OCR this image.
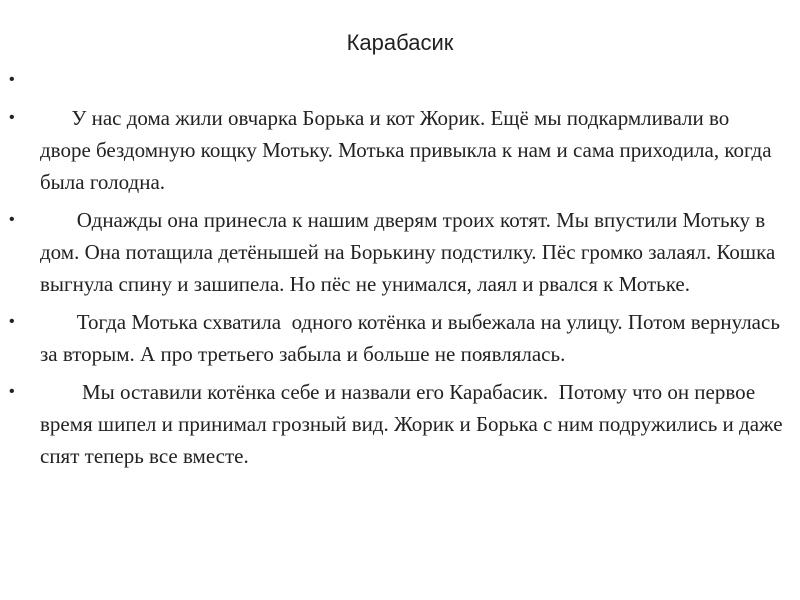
Карабасик
•
• У нас дома жили овчарка Борька и кот Жорик. Ещё мы подкармливали во дворе бездомную кощку Мотьку. Мотька привыкла к нам и сама приходила, когда была голодна.
• Однажды она принесла к нашим дверям троих котят. Мы впустили Мотьку в дом. Она потащила детёнышей на Борькину подстилку. Пёс громко залаял. Кошка выгнула спину и зашипела. Но пёс не унимался, лаял и рвался к Мотьке.
• Тогда Мотька схватила  одного котёнка и выбежала на улицу. Потом вернулась за вторым. А про третьего забыла и больше не появлялась.
• Мы оставили котёнка себе и назвали его Карабасик.  Потому что он первое время шипел и принимал грозный вид. Жорик и Борька с ним подружились и даже спят теперь все вместе.
